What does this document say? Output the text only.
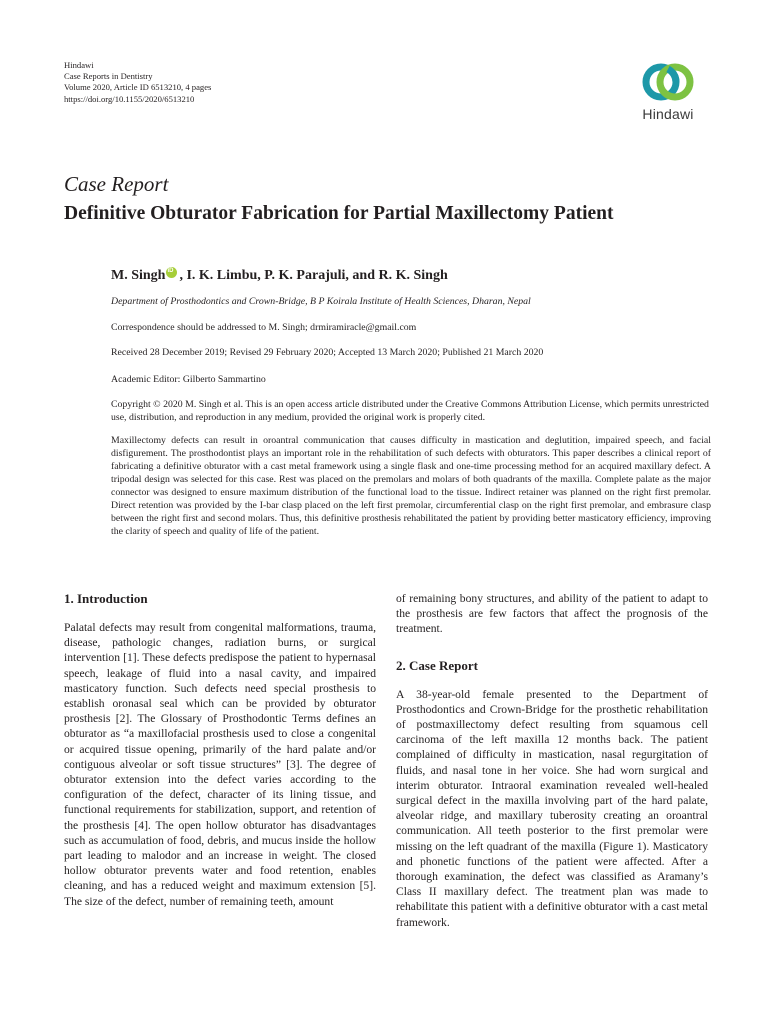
Hindawi
Case Reports in Dentistry
Volume 2020, Article ID 6513210, 4 pages
https://doi.org/10.1155/2020/6513210
Hindawi
Case Report
Definitive Obturator Fabrication for Partial Maxillectomy Patient
M. SinghiD , I. K. Limbu, P. K. Parajuli, and R. K. Singh
Department of Prosthodontics and Crown-Bridge, B P Koirala Institute of Health Sciences, Dharan, Nepal
Correspondence should be addressed to M. Singh; drmiramiracle@gmail.com
Received 28 December 2019; Revised 29 February 2020; Accepted 13 March 2020; Published 21 March 2020
Academic Editor: Gilberto Sammartino
Copyright © 2020 M. Singh et al. This is an open access article distributed under the Creative Commons Attribution License, which permits unrestricted use, distribution, and reproduction in any medium, provided the original work is properly cited.
Maxillectomy defects can result in oroantral communication that causes difficulty in mastication and deglutition, impaired speech, and facial disfigurement. The prosthodontist plays an important role in the rehabilitation of such defects with obturators. This paper describes a clinical report of fabricating a definitive obturator with a cast metal framework using a single flask and one-time processing method for an acquired maxillary defect. A tripodal design was selected for this case. Rest was placed on the premolars and molars of both quadrants of the maxilla. Complete palate as the major connector was designed to ensure maximum distribution of the functional load to the tissue. Indirect retainer was planned on the right first premolar. Direct retention was provided by the I-bar clasp placed on the left first premolar, circumferential clasp on the right first premolar, and embrasure clasp between the right first and second molars. Thus, this definitive prosthesis rehabilitated the patient by providing better masticatory efficiency, improving the clarity of speech and quality of life of the patient.
1. Introduction

Palatal defects may result from congenital malformations, trauma, disease, pathologic changes, radiation burns, or surgical intervention [1]. These defects predispose the patient to hypernasal speech, leakage of fluid into a nasal cavity, and impaired masticatory function. Such defects need special prosthesis to establish oronasal seal which can be provided by obturator prosthesis [2]. The Glossary of Prosthodontic Terms defines an obturator as “a maxillofacial prosthesis used to close a congenital or acquired tissue opening, primarily of the hard palate and/or contiguous alveolar or soft tissue structures” [3]. The degree of obturator extension into the defect varies according to the configuration of the defect, character of its lining tissue, and functional requirements for stabilization, support, and retention of the prosthesis [4]. The open hollow obturator has disadvantages such as accumulation of food, debris, and mucus inside the hollow part leading to malodor and an increase in weight. The closed hollow obturator prevents water and food retention, enables cleaning, and has a reduced weight and maximum extension [5]. The size of the defect, number of remaining teeth, amount

of remaining bony structures, and ability of the patient to adapt to the prosthesis are few factors that affect the prognosis of the treatment.

2. Case Report

A 38-year-old female presented to the Department of Prosthodontics and Crown-Bridge for the prosthetic rehabilitation of postmaxillectomy defect resulting from squamous cell carcinoma of the left maxilla 12 months back. The patient complained of difficulty in mastication, nasal regurgitation of fluids, and nasal tone in her voice. She had worn surgical and interim obturator. Intraoral examination revealed well-healed surgical defect in the maxilla involving part of the hard palate, alveolar ridge, and maxillary tuberosity creating an oroantral communication. All teeth posterior to the first premolar were missing on the left quadrant of the maxilla (Figure 1). Masticatory and phonetic functions of the patient were affected. After a thorough examination, the defect was classified as Aramany’s Class II maxillary defect. The treatment plan was made to rehabilitate this patient with a definitive obturator with a cast metal framework.
